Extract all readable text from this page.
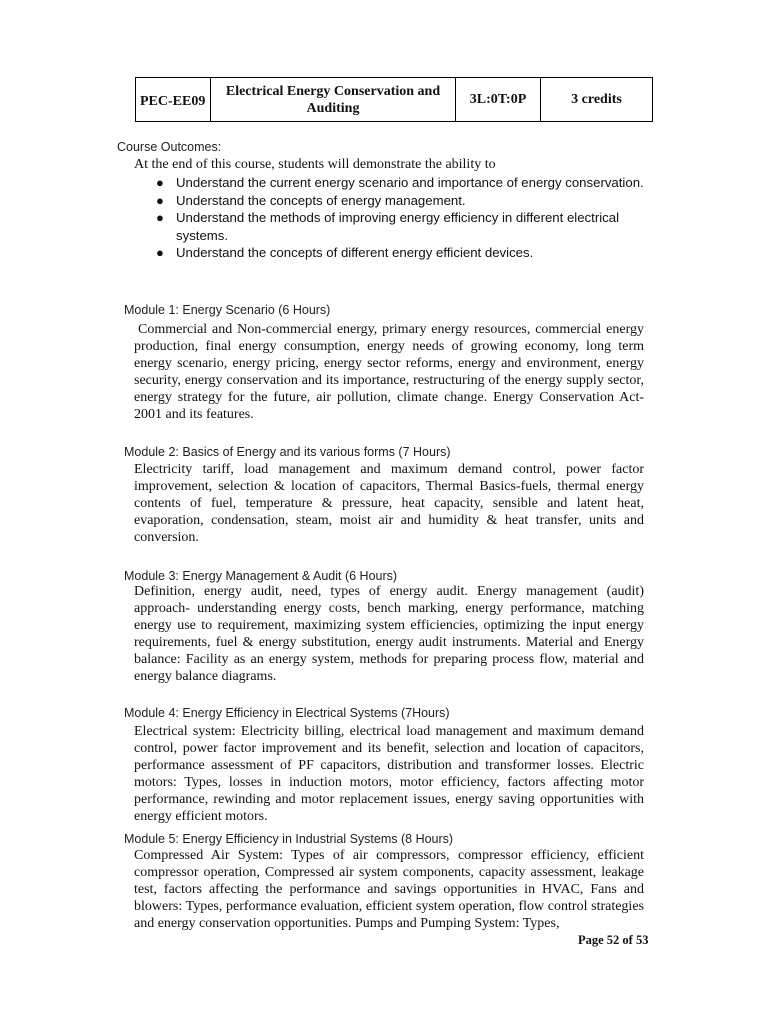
PEC-EE09	Electrical Energy Conservation and Auditing	3L:0T:0P	3 credits
Course Outcomes:
At the end of this course, students will demonstrate the ability to
● Understand the current energy scenario and importance of energy conservation.
● Understand the concepts of energy management.
● Understand the methods of improving energy efficiency in different electrical systems.
● Understand the concepts of different energy efficient devices.
Module 1: Energy Scenario (6 Hours)

Commercial and Non-commercial energy, primary energy resources, commercial energy production, final energy consumption, energy needs of growing economy, long term energy scenario, energy pricing, energy sector reforms, energy and environment, energy security, energy conservation and its importance, restructuring of the energy supply sector, energy strategy for the future, air pollution, climate change. Energy Conservation Act-2001 and its features.

Module 2: Basics of Energy and its various forms (7 Hours)

Electricity tariff, load management and maximum demand control, power factor improvement, selection & location of capacitors, Thermal Basics-fuels, thermal energy contents of fuel, temperature & pressure, heat capacity, sensible and latent heat, evaporation, condensation, steam, moist air and humidity & heat transfer, units and conversion.

Module 3: Energy Management & Audit (6 Hours)

Definition, energy audit, need, types of energy audit. Energy management (audit) approach- understanding energy costs, bench marking, energy performance, matching energy use to requirement, maximizing system efficiencies, optimizing the input energy requirements, fuel & energy substitution, energy audit instruments. Material and Energy balance: Facility as an energy system, methods for preparing process flow, material and energy balance diagrams.

Module 4: Energy Efficiency in Electrical Systems (7Hours)

Electrical system: Electricity billing, electrical load management and maximum demand control, power factor improvement and its benefit, selection and location of capacitors, performance assessment of PF capacitors, distribution and transformer losses. Electric motors: Types, losses in induction motors, motor efficiency, factors affecting motor performance, rewinding and motor replacement issues, energy saving opportunities with energy efficient motors.

Module 5: Energy Efficiency in Industrial Systems (8 Hours)

Compressed Air System: Types of air compressors, compressor efficiency, efficient compressor operation, Compressed air system components, capacity assessment, leakage test, factors affecting the performance and savings opportunities in HVAC, Fans and blowers: Types, performance evaluation, efficient system operation, flow control strategies and energy conservation opportunities. Pumps and Pumping System: Types,

Page 52 of 53
